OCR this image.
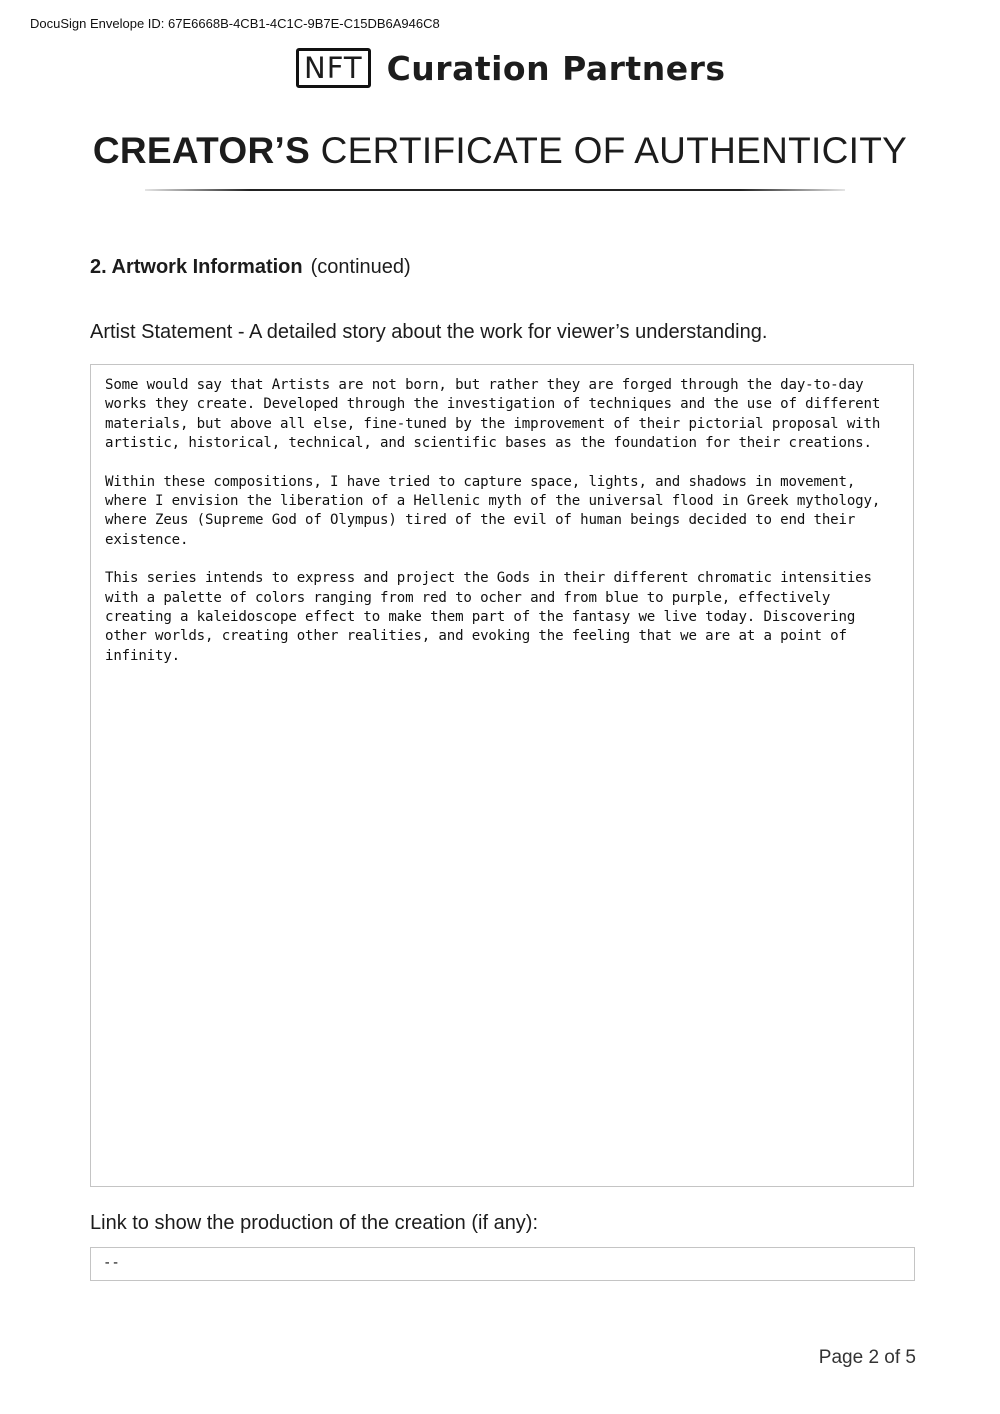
DocuSign Envelope ID: 67E6668B-4CB1-4C1C-9B7E-C15DB6A946C8
NFT Curation Partners
CREATOR’S CERTIFICATE OF AUTHENTICITY
2. Artwork Information (continued)
Artist Statement - A detailed story about the work for viewer’s understanding.

Some would say that Artists are not born, but rather they are forged through the day-to-day works they create. Developed through the investigation of techniques and the use of different materials, but above all else, fine-tuned by the improvement of their pictorial proposal with artistic, historical, technical, and scientific bases as the foundation for their creations.

Within these compositions, I have tried to capture space, lights, and shadows in movement, where I envision the liberation of a Hellenic myth of the universal flood in Greek mythology, where Zeus (Supreme God of Olympus) tired of the evil of human beings decided to end their existence.

This series intends to express and project the Gods in their different chromatic intensities with a palette of colors ranging from red to ocher and from blue to purple, effectively creating a kaleidoscope effect to make them part of the fantasy we live today. Discovering other worlds, creating other realities, and evoking the feeling that we are at a point of infinity.

Link to show the production of the creation (if any):
--
Page 2 of 5
